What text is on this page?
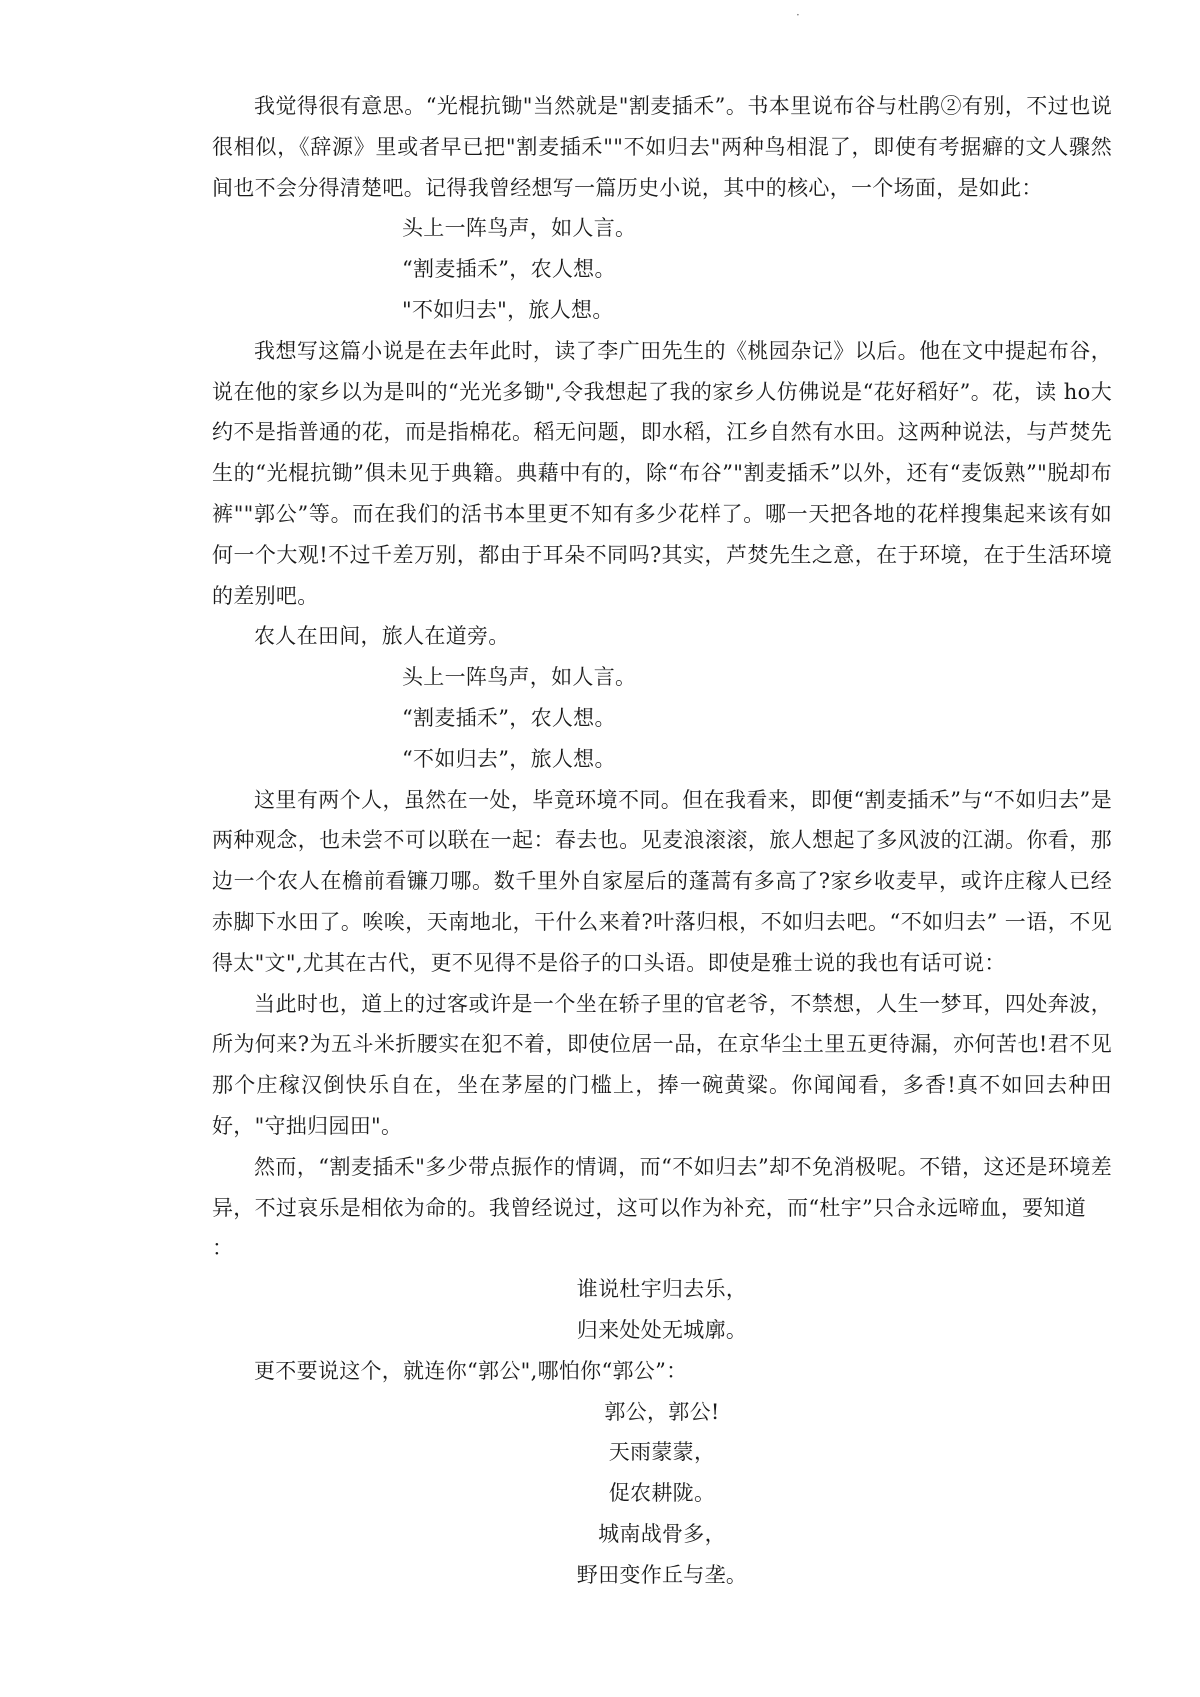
·

我觉得很有意思。“光棍抗锄"当然就是"割麦插禾”。书本里说布谷与杜鹃②有别，不过也说很相似，《辞源》里或者早已把"割麦插禾""不如归去"两种鸟相混了，即使有考据癖的文人骤然间也不会分得清楚吧。记得我曾经想写一篇历史小说，其中的核心，一个场面，是如此：

头上一阵鸟声，如人言。
“割麦插禾”，农人想。
"不如归去"，旅人想。

我想写这篇小说是在去年此时，读了李广田先生的《桃园杂记》以后。他在文中提起布谷，说在他的家乡以为是叫的“光光多锄",令我想起了我的家乡人仿佛说是“花好稻好”。花，读 ho大约不是指普通的花，而是指棉花。稻无问题，即水稻，江乡自然有水田。这两种说法，与芦焚先生的“光棍抗锄”俱未见于典籍。典藉中有的，除“布谷”"割麦插禾”以外，还有“麦饭熟”"脱却布裤""郭公”等。而在我们的活书本里更不知有多少花样了。哪一天把各地的花样搜集起来该有如何一个大观!不过千差万别，都由于耳朵不同吗?其实，芦焚先生之意，在于环境，在于生活环境的差别吧。

农人在田间，旅人在道旁。

头上一阵鸟声，如人言。
“割麦插禾”，农人想。
“不如归去”，旅人想。

这里有两个人，虽然在一处，毕竟环境不同。但在我看来，即便“割麦插禾”与“不如归去”是两种观念，也未尝不可以联在一起：春去也。见麦浪滚滚，旅人想起了多风波的江湖。你看，那边一个农人在檐前看镰刀哪。数千里外自家屋后的蓬蒿有多高了?家乡收麦早，或许庄稼人已经赤脚下水田了。唉唉，天南地北，干什么来着?叶落归根，不如归去吧。“不如归去” 一语，不见得太"文",尤其在古代，更不见得不是俗子的口头语。即使是雅士说的我也有话可说：

当此时也，道上的过客或许是一个坐在轿子里的官老爷，不禁想，人生一梦耳，四处奔波，所为何来?为五斗米折腰实在犯不着，即使位居一品，在京华尘土里五更待漏，亦何苦也!君不见那个庄稼汉倒快乐自在，坐在茅屋的门槛上，捧一碗黄粱。你闻闻看，多香!真不如回去种田好，"守拙归园田"。

然而，“割麦插禾"多少带点振作的情调，而“不如归去”却不免消极呢。不错，这还是环境差异，不过哀乐是相依为命的。我曾经说过，这可以作为补充，而“杜宇”只合永远啼血，要知道
：

谁说杜宇归去乐，
归来处处无城廓。

更不要说这个，就连你“郭公",哪怕你“郭公”：

郭公，郭公!
天雨蒙蒙，
促农耕陇。
城南战骨多，
野田变作丘与垄。
